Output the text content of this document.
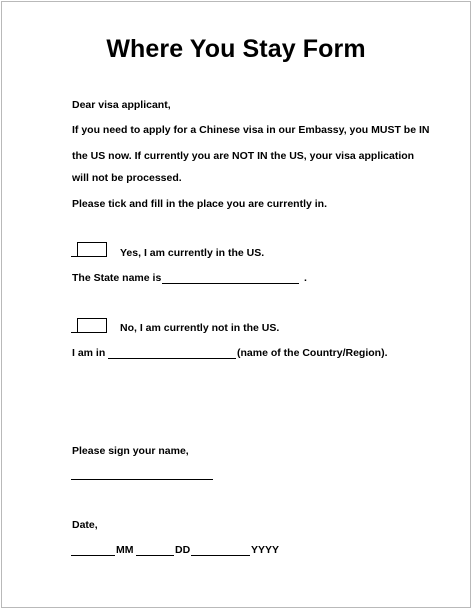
Where You Stay Form
Dear visa applicant,
If you need to apply for a Chinese visa in our Embassy, you MUST be IN
the US now. If currently you are NOT IN the US, your visa application
will not be processed.
Please tick and fill in the place you are currently in.
Yes, I am currently in the US.
The State name is	.
No, I am currently not in the US.
I am in	(name of the Country/Region).
Please sign your name,
Date,
MM	DD	YYYY
